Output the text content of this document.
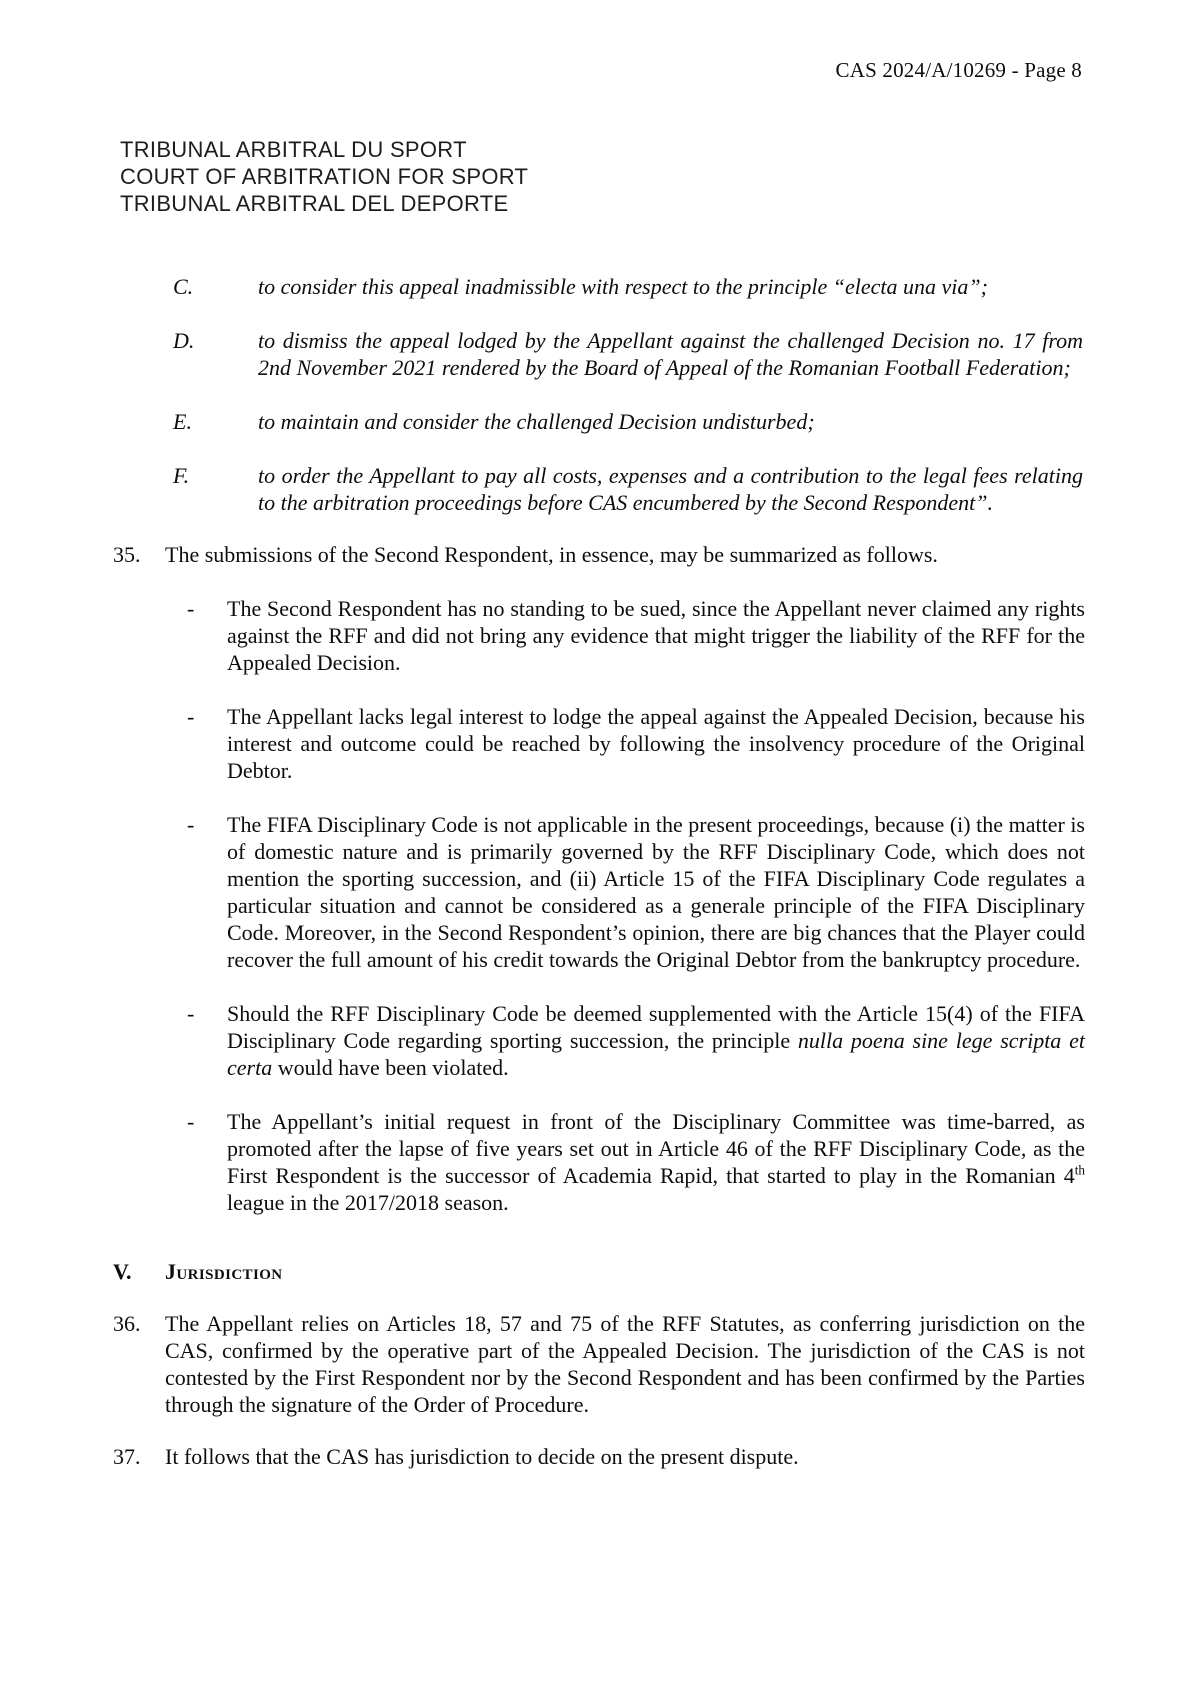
CAS 2024/A/10269 - Page 8
TRIBUNAL ARBITRAL DU SPORT
COURT OF ARBITRATION FOR SPORT
TRIBUNAL ARBITRAL DEL DEPORTE
C.	to consider this appeal inadmissible with respect to the principle “electa una via”;

D.	to dismiss the appeal lodged by the Appellant against the challenged Decision no. 17 from 2nd November 2021 rendered by the Board of Appeal of the Romanian Football Federation;

E.	to maintain and consider the challenged Decision undisturbed;

F.	to order the Appellant to pay all costs, expenses and a contribution to the legal fees relating to the arbitration proceedings before CAS encumbered by the Second Respondent”.

35.	The submissions of the Second Respondent, in essence, may be summarized as follows.
-	The Second Respondent has no standing to be sued, since the Appellant never claimed any rights against the RFF and did not bring any evidence that might trigger the liability of the RFF for the Appealed Decision.
-	The Appellant lacks legal interest to lodge the appeal against the Appealed Decision, because his interest and outcome could be reached by following the insolvency procedure of the Original Debtor.
-	The FIFA Disciplinary Code is not applicable in the present proceedings, because (i) the matter is of domestic nature and is primarily governed by the RFF Disciplinary Code, which does not mention the sporting succession, and (ii) Article 15 of the FIFA Disciplinary Code regulates a particular situation and cannot be considered as a generale principle of the FIFA Disciplinary Code. Moreover, in the Second Respondent’s opinion, there are big chances that the Player could recover the full amount of his credit towards the Original Debtor from the bankruptcy procedure.
-	Should the RFF Disciplinary Code be deemed supplemented with the Article 15(4) of the FIFA Disciplinary Code regarding sporting succession, the principle nulla poena sine lege scripta et certa would have been violated.
-	The Appellant’s initial request in front of the Disciplinary Committee was time-barred, as promoted after the lapse of five years set out in Article 46 of the RFF Disciplinary Code, as the First Respondent is the successor of Academia Rapid, that started to play in the Romanian 4th league in the 2017/2018 season.
V.	Jurisdiction
36.	The Appellant relies on Articles 18, 57 and 75 of the RFF Statutes, as conferring jurisdiction on the CAS, confirmed by the operative part of the Appealed Decision. The jurisdiction of the CAS is not contested by the First Respondent nor by the Second Respondent and has been confirmed by the Parties through the signature of the Order of Procedure.
37.	It follows that the CAS has jurisdiction to decide on the present dispute.
